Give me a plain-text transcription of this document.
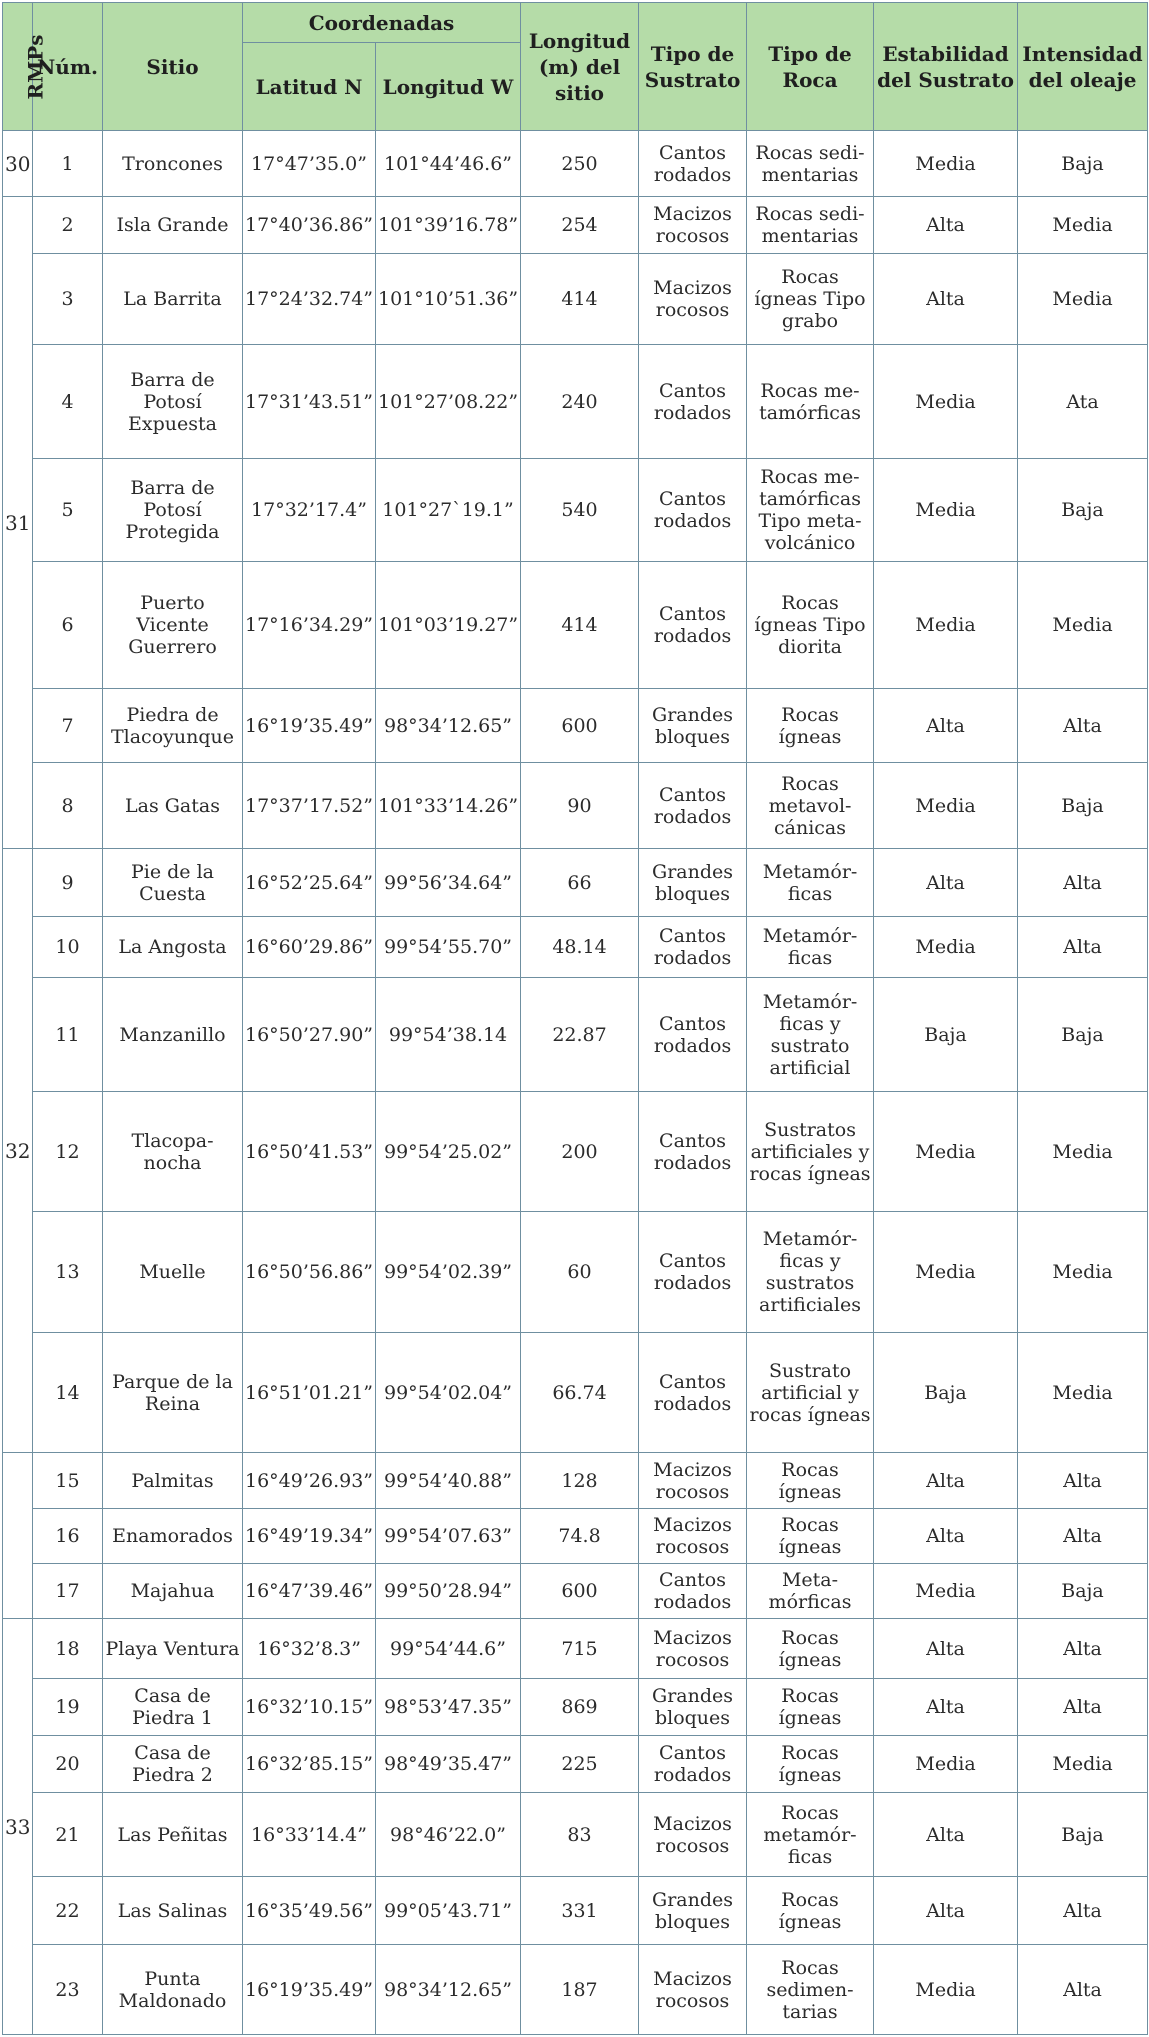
RMPs	Núm.	Sitio	Coordenadas		Longitud (m) del sitio	Tipo de Sustrato	Tipo de Roca	Estabilidad del Sustrato	Intensidad del oleaje
			Latitud N	Longitud W					
30	1	Troncones	17°47’35.0”	101°44’46.6”	250	Cantos rodados	Rocas sedi-mentarias	Media	Baja
31	2	Isla Grande	17°40’36.86”	101°39’16.78”	254	Macizos rocosos	Rocas sedi-mentarias	Alta	Media
	3	La Barrita	17°24’32.74”	101°10’51.36”	414	Macizos rocosos	Rocas ígneas Tipo grabo	Alta	Media
	4	Barra de Potosí Expuesta	17°31’43.51”	101°27’08.22”	240	Cantos rodados	Rocas me-tamórficas	Media	Ata
	5	Barra de Potosí Protegida	17°32’17.4”	101°27`19.1”	540	Cantos rodados	Rocas me-tamórficas Tipo meta-volcánico	Media	Baja
	6	Puerto Vicente Guerrero	17°16’34.29”	101°03’19.27”	414	Cantos rodados	Rocas ígneas Tipo diorita	Media	Media
	7	Piedra de Tlacoyunque	16°19’35.49”	98°34’12.65”	600	Grandes bloques	Rocas ígneas	Alta	Alta
	8	Las Gatas	17°37’17.52”	101°33’14.26”	90	Cantos rodados	Rocas metavol-cánicas	Media	Baja
32	9	Pie de la Cuesta	16°52’25.64”	99°56’34.64”	66	Grandes bloques	Metamór-ficas	Alta	Alta
	10	La Angosta	16°60’29.86”	99°54’55.70”	48.14	Cantos rodados	Metamór-ficas	Media	Alta
	11	Manzanillo	16°50’27.90”	99°54’38.14	22.87	Cantos rodados	Metamór-ficas y sustrato artificial	Baja	Baja
	12	Tlacopa-nocha	16°50’41.53”	99°54’25.02”	200	Cantos rodados	Sustratos artificiales y rocas ígneas	Media	Media
	13	Muelle	16°50’56.86”	99°54’02.39”	60	Cantos rodados	Metamór-ficas y sustratos artificiales	Media	Media
	14	Parque de la Reina	16°51’01.21”	99°54’02.04”	66.74	Cantos rodados	Sustrato artificial y rocas ígneas	Baja	Media
	15	Palmitas	16°49’26.93”	99°54’40.88”	128	Macizos rocosos	Rocas ígneas	Alta	Alta
	16	Enamorados	16°49’19.34”	99°54’07.63”	74.8	Macizos rocosos	Rocas ígneas	Alta	Alta
	17	Majahua	16°47’39.46”	99°50’28.94”	600	Cantos rodados	Meta-mórficas	Media	Baja
33	18	Playa Ventura	16°32’8.3”	99°54’44.6”	715	Macizos rocosos	Rocas ígneas	Alta	Alta
	19	Casa de Piedra 1	16°32’10.15”	98°53’47.35”	869	Grandes bloques	Rocas ígneas	Alta	Alta
	20	Casa de Piedra 2	16°32’85.15”	98°49’35.47”	225	Cantos rodados	Rocas ígneas	Media	Media
	21	Las Peñitas	16°33’14.4”	98°46’22.0”	83	Macizos rocosos	Rocas metamór-ficas	Alta	Baja
	22	Las Salinas	16°35’49.56”	99°05’43.71”	331	Grandes bloques	Rocas ígneas	Alta	Alta
	23	Punta Maldonado	16°19’35.49”	98°34’12.65”	187	Macizos rocosos	Rocas sedimen-tarias	Media	Alta
